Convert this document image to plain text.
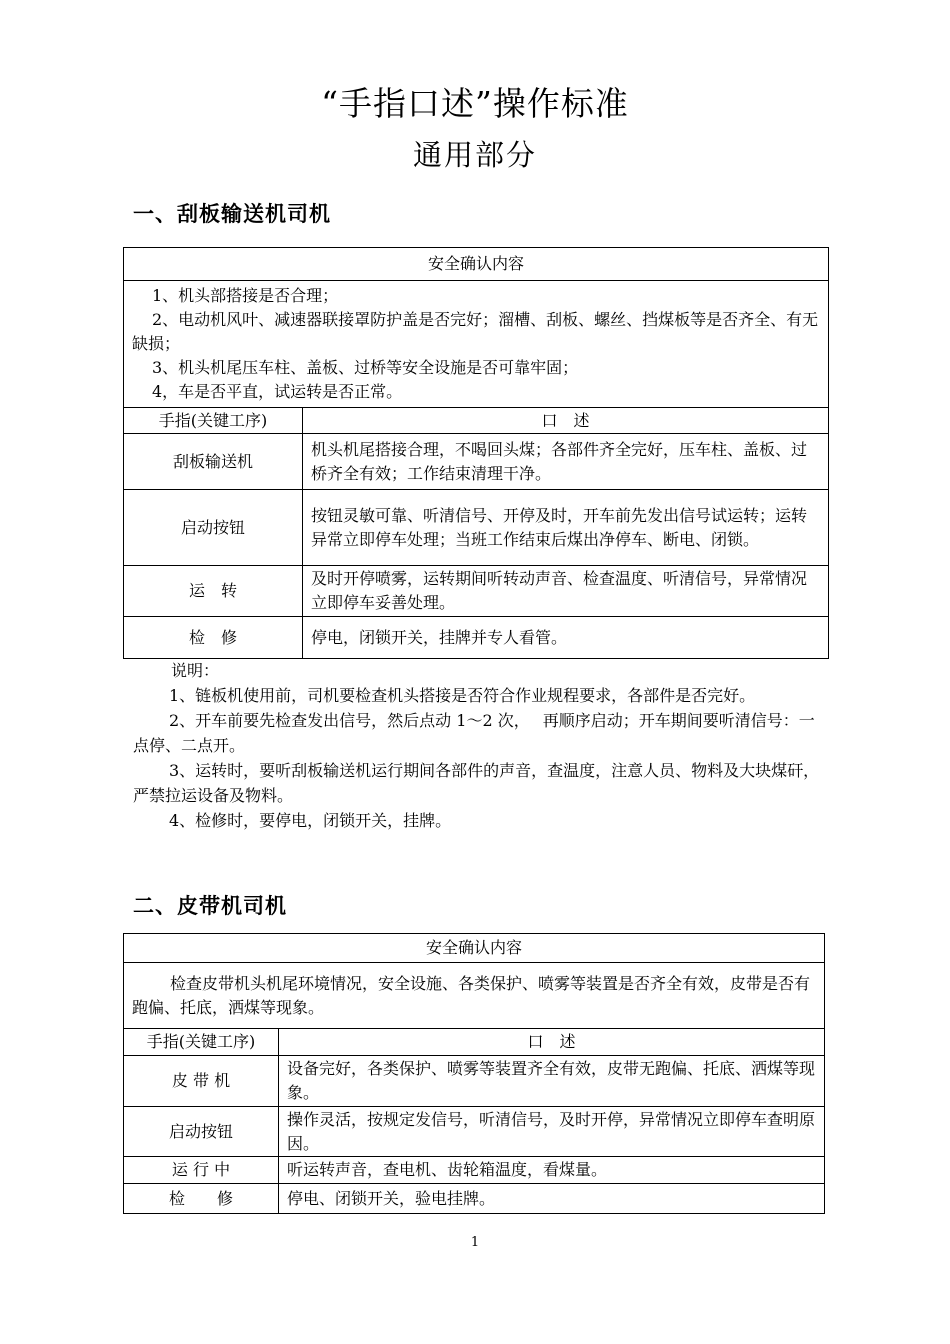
“手指口述”操作标准
通用部分
一、刮板输送机司机
安全确认内容	

1、机头部搭接是否合理；
2、电动机风叶、减速器联接罩防护盖是否完好；溜槽、刮板、螺丝、挡煤板等是否齐全、有无缺损；
3、机头机尾压车柱、盖板、过桥等安全设施是否可靠牢固；
4，车是否平直，试运转是否正常。	

手指(关键工序)	口　述
刮板输送机	机头机尾搭接合理，不喝回头煤；各部件齐全完好，压车柱、盖板、过桥齐全有效；工作结束清理干净。
启动按钮	按钮灵敏可靠、听清信号、开停及时，开车前先发出信号试运转；运转异常立即停车处理；当班工作结束后煤出净停车、断电、闭锁。
运　转	及时开停喷雾，运转期间听转动声音、检查温度、听清信号，异常情况立即停车妥善处理。
检　修	停电，闭锁开关，挂牌并专人看管。

说明：

1、链板机使用前，司机要检查机头搭接是否符合作业规程要求，各部件是否完好。

2、开车前要先检查发出信号，然后点动 1～2 次，　 再顺序启动；开车期间要听清信号：一点停、二点开。

3、运转时，要听刮板输送机运行期间各部件的声音，查温度，注意人员、物料及大块煤矸，严禁拉运设备及物料。

4、检修时，要停电，闭锁开关，挂牌。

二、皮带机司机
安全确认内容	

检查皮带机头机尾环境情况，安全设施、各类保护、喷雾等装置是否齐全有效，皮带是否有跑偏、托底，洒煤等现象。	

手指(关键工序)	口　述
皮 带 机	设备完好，各类保护、喷雾等装置齐全有效，皮带无跑偏、托底、洒煤等现象。
启动按钮	操作灵活，按规定发信号，听清信号，及时开停，异常情况立即停车查明原因。
运 行 中	听运转声音，查电机、齿轮箱温度，看煤量。
检　　修	停电、闭锁开关，验电挂牌。
1
